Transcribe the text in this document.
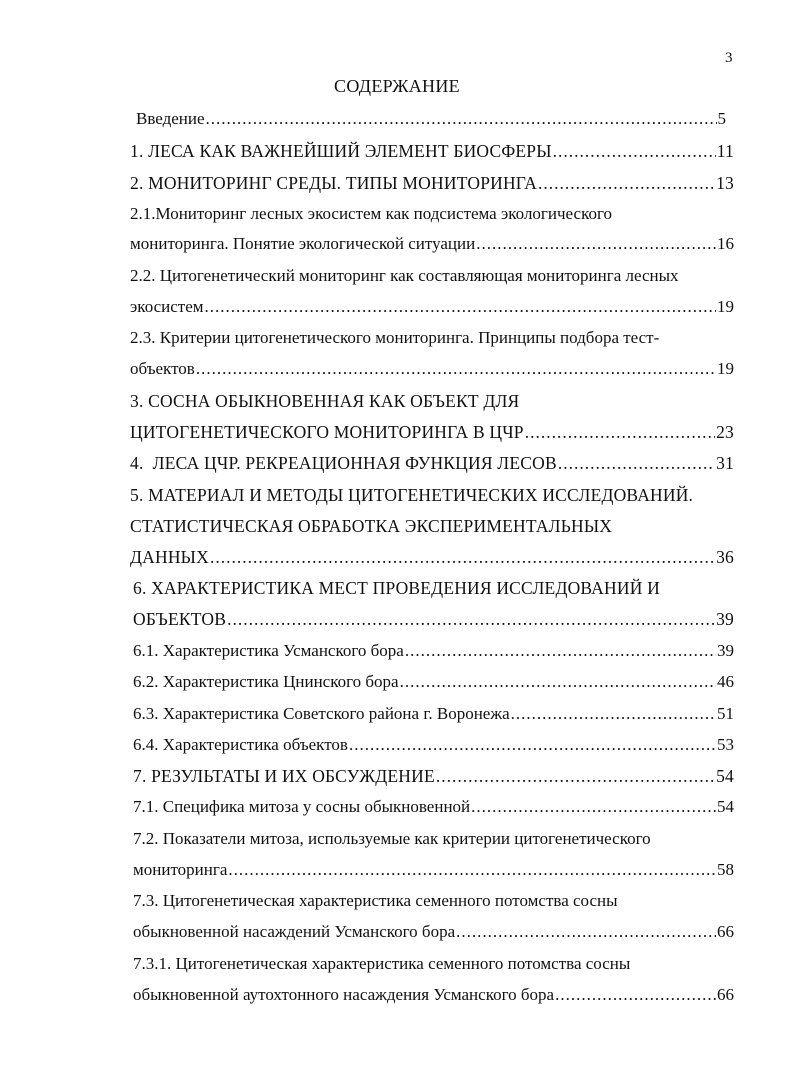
3
СОДЕРЖАНИЕ
Введение .....	5
1. ЛЕСА КАК ВАЖНЕЙШИЙ ЭЛЕМЕНТ БИОСФЕРЫ .....	11
2. МОНИТОРИНГ СРЕДЫ. ТИПЫ МОНИТОРИНГА .....	13
2.1.Мониторинг лесных экосистем как подсистема экологического
мониторинга. Понятие экологической ситуации .....	16
2.2. Цитогенетический мониторинг как составляющая мониторинга лесных
экосистем .....	19
2.3. Критерии цитогенетического мониторинга. Принципы подбора тест-
объектов .....	19
3. СОСНА ОБЫКНОВЕННАЯ КАК ОБЪЕКТ ДЛЯ
ЦИТОГЕНЕТИЧЕСКОГО МОНИТОРИНГА В ЦЧР .....	23
4.  ЛЕСА ЦЧР. РЕКРЕАЦИОННАЯ ФУНКЦИЯ ЛЕСОВ .....	31
5. МАТЕРИАЛ И МЕТОДЫ ЦИТОГЕНЕТИЧЕСКИХ ИССЛЕДОВАНИЙ.
СТАТИСТИЧЕСКАЯ ОБРАБОТКА ЭКСПЕРИМЕНТАЛЬНЫХ
ДАННЫХ .....	36
6. ХАРАКТЕРИСТИКА МЕСТ ПРОВЕДЕНИЯ ИССЛЕДОВАНИЙ И
ОБЪЕКТОВ .....	39
6.1. Характеристика Усманского бора .....	39
6.2. Характеристика Цнинского бора .....	46
6.3. Характеристика Советского района г. Воронежа .....	51
6.4. Характеристика объектов .....	53
7. РЕЗУЛЬТАТЫ И ИХ ОБСУЖДЕНИЕ .....	54
7.1. Специфика митоза у сосны обыкновенной .....	54
7.2. Показатели митоза, используемые как критерии цитогенетического
мониторинга .....	58
7.3. Цитогенетическая характеристика семенного потомства сосны
обыкновенной насаждений Усманского бора .....	66
7.3.1. Цитогенетическая характеристика семенного потомства сосны
обыкновенной аутохтонного насаждения Усманского бора .....	66
